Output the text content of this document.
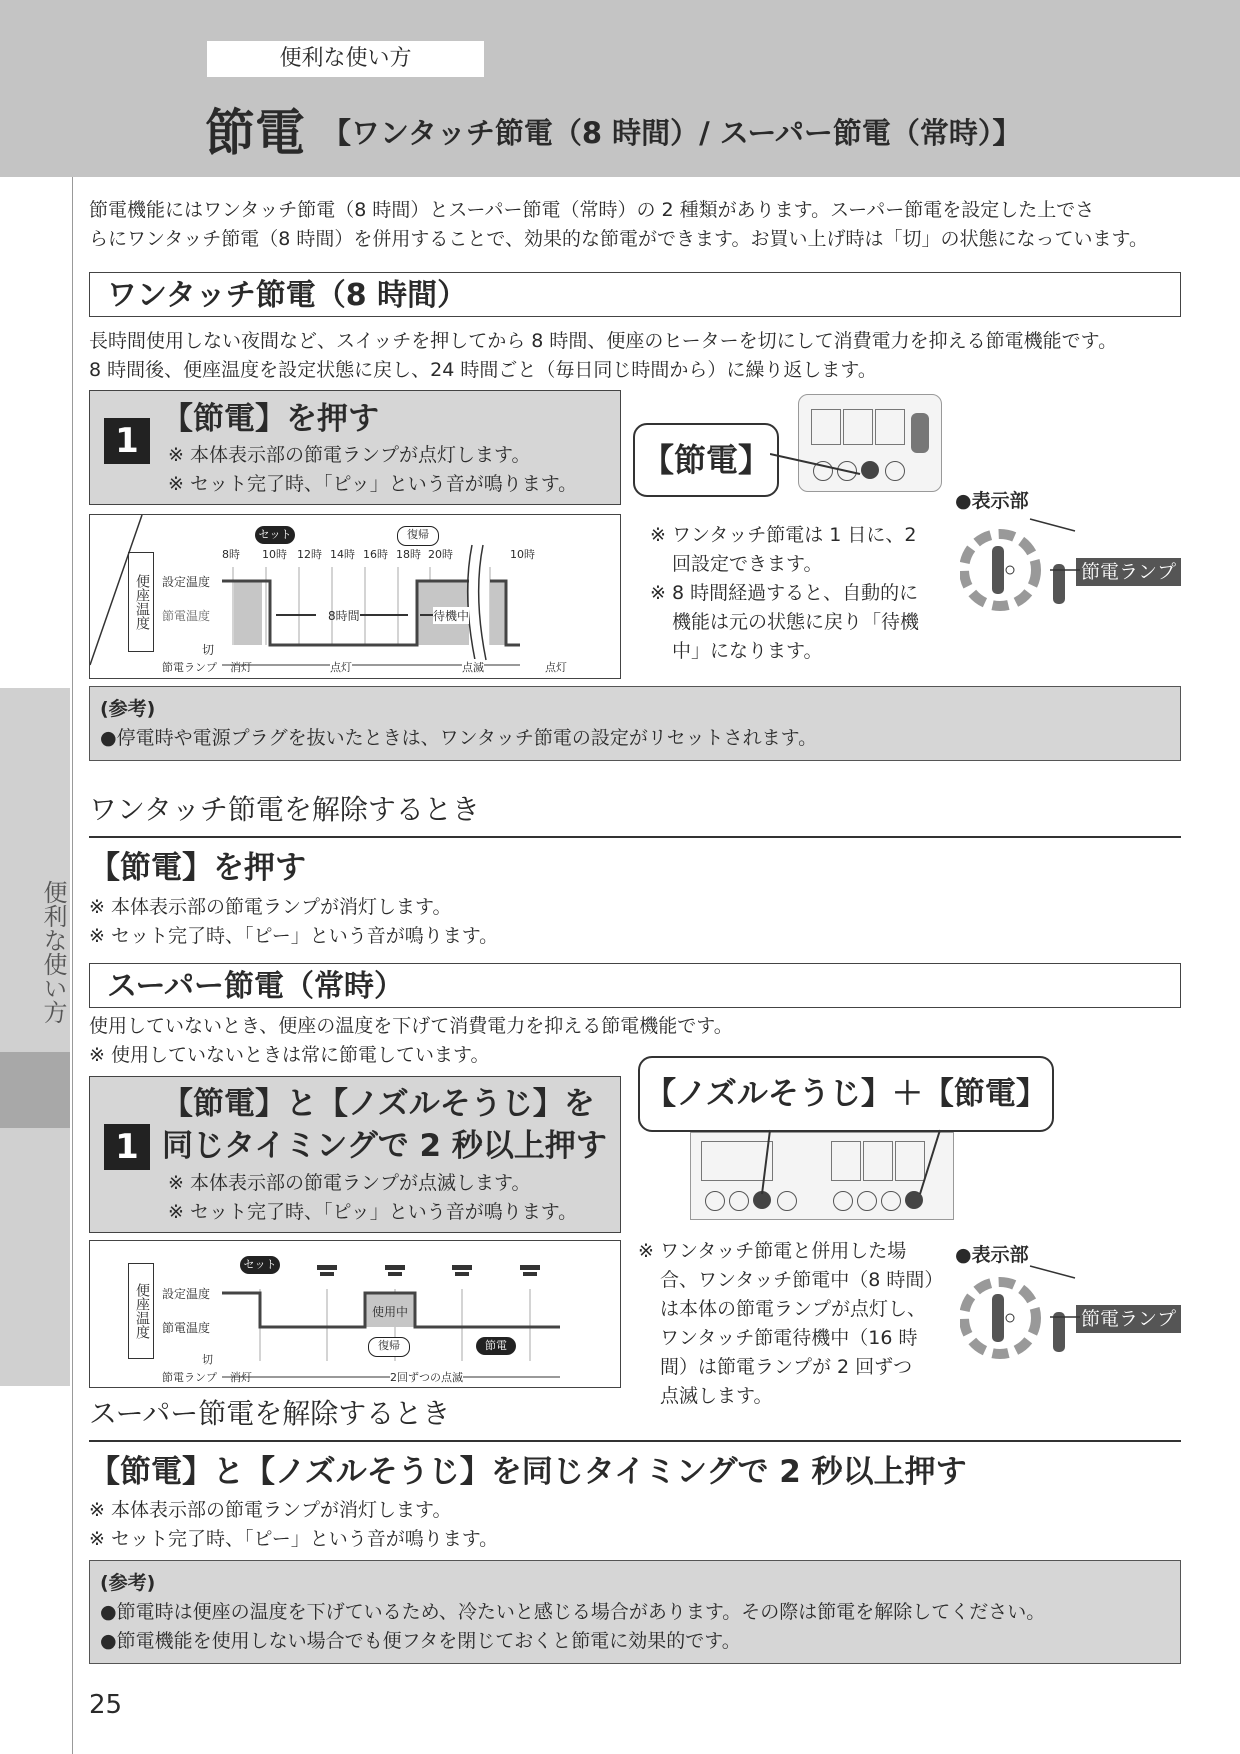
便利な使い方
節電 【ワンタッチ節電（8 時間）/ スーパー節電（常時）】
便利な使い方
節電機能にはワンタッチ節電（8 時間）とスーパー節電（常時）の 2 種類があります。スーパー節電を設定した上でさ
らにワンタッチ節電（8 時間）を併用することで、効果的な節電ができます。お買い上げ時は「切」の状態になっています。
ワンタッチ節電（8 時間）
長時間使用しない夜間など、スイッチを押してから 8 時間、便座のヒーターを切にして消費電力を抑える節電機能です。
8 時間後、便座温度を設定状態に戻し、24 時間ごと（毎日同じ時間から）に繰り返します。
1
【節電】を押す
※ 本体表示部の節電ランプが点灯します。
※ セット完了時、「ピッ」という音が鳴ります。
【節電】
●表示部
節電ランプ
※ ワンタッチ節電は 1 日に、2
回設定できます。
※ 8 時間経過すると、自動的に
機能は元の状態に戻り「待機
中」になります。
便座温度
セット	復帰
8時 10時 12時 14時 16時 18時 20時	10時
設定温度
節電温度
切
8時間	待機中
節電ランプ 消灯	点灯	点滅	点灯
(参考)
●停電時や電源プラグを抜いたときは、ワンタッチ節電の設定がリセットされます。
ワンタッチ節電を解除するとき
【節電】を押す
※ 本体表示部の節電ランプが消灯します。
※ セット完了時、「ピー」という音が鳴ります。
スーパー節電（常時）
使用していないとき、便座の温度を下げて消費電力を抑える節電機能です。
※ 使用していないときは常に節電しています。
1
【節電】と【ノズルそうじ】を
同じタイミングで 2 秒以上押す
※ 本体表示部の節電ランプが点滅します。
※ セット完了時、「ピッ」という音が鳴ります。
【ノズルそうじ】＋【節電】
●表示部
節電ランプ
※ ワンタッチ節電と併用した場
合、ワンタッチ節電中（8 時間）
は本体の節電ランプが点灯し、
ワンタッチ節電待機中（16 時
間）は節電ランプが 2 回ずつ
点滅します。
便座温度
セット
設定温度
節電温度
切
使用中
復帰	節電
節電ランプ 消灯	2回ずつの点滅
スーパー節電を解除するとき
【節電】と【ノズルそうじ】を同じタイミングで 2 秒以上押す
※ 本体表示部の節電ランプが消灯します。
※ セット完了時、「ピー」という音が鳴ります。
(参考)
●節電時は便座の温度を下げているため、冷たいと感じる場合があります。その際は節電を解除してください。
●節電機能を使用しない場合でも便フタを閉じておくと節電に効果的です。
25
